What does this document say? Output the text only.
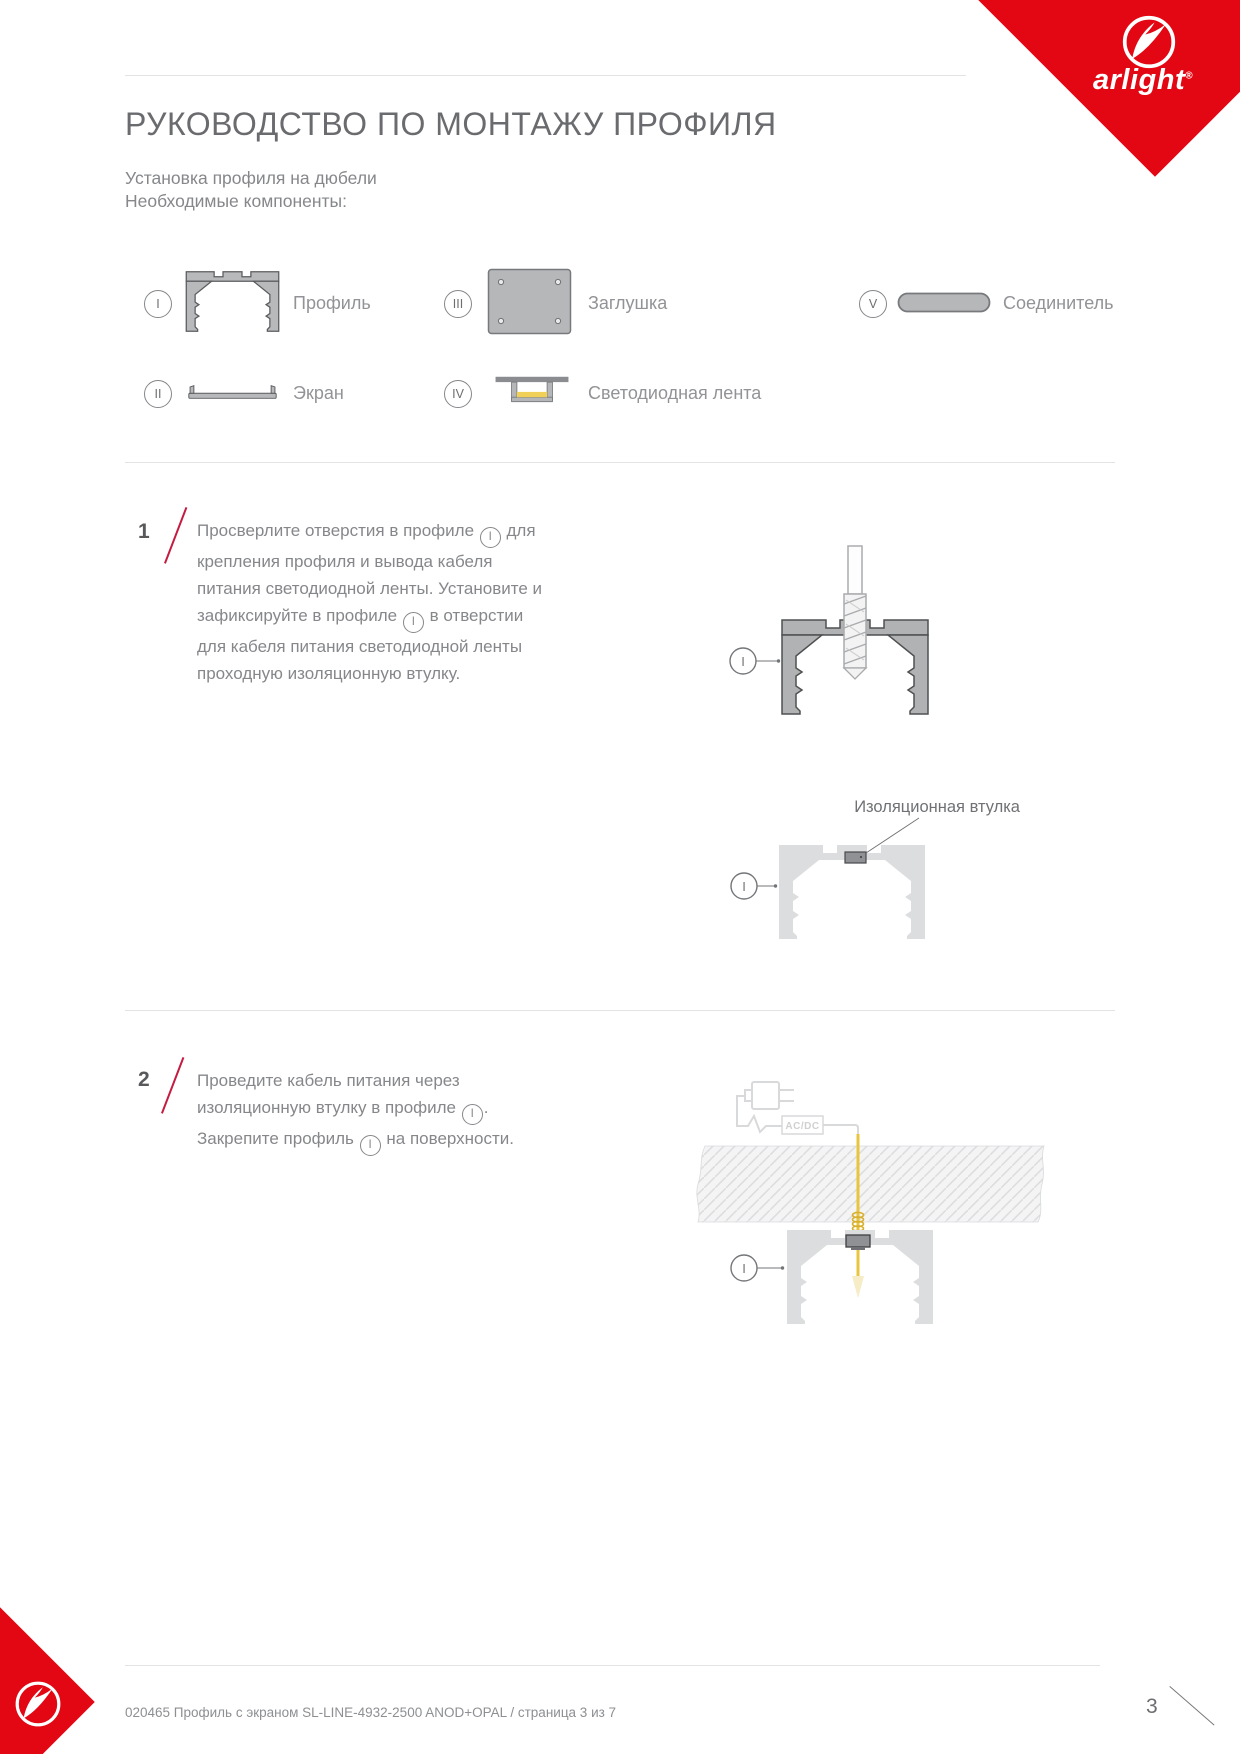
arlight®
РУКОВОДСТВО ПО МОНТАЖУ ПРОФИЛЯ
Установка профиля на дюбели
Необходимые компоненты:
I	Профиль	III	Заглушка	V	Соединитель
II	Экран	IV	Светодиодная лента
1	Просверлите отверстия в профиле I для крепления профиля и вывода кабеля питания светодиодной ленты. Установите и зафиксируйте в профиле I в отверстии для кабеля питания светодиодной ленты проходную изоляционную втулку.
I
Изоляционная втулка
I
2	Проведите кабель питания через изоляционную втулку в профиле I . Закрепите профиль I на поверхности.
AC/DC
I
020465 Профиль с экраном SL-LINE-4932-2500 ANOD+OPAL / страница 3 из 7	3
